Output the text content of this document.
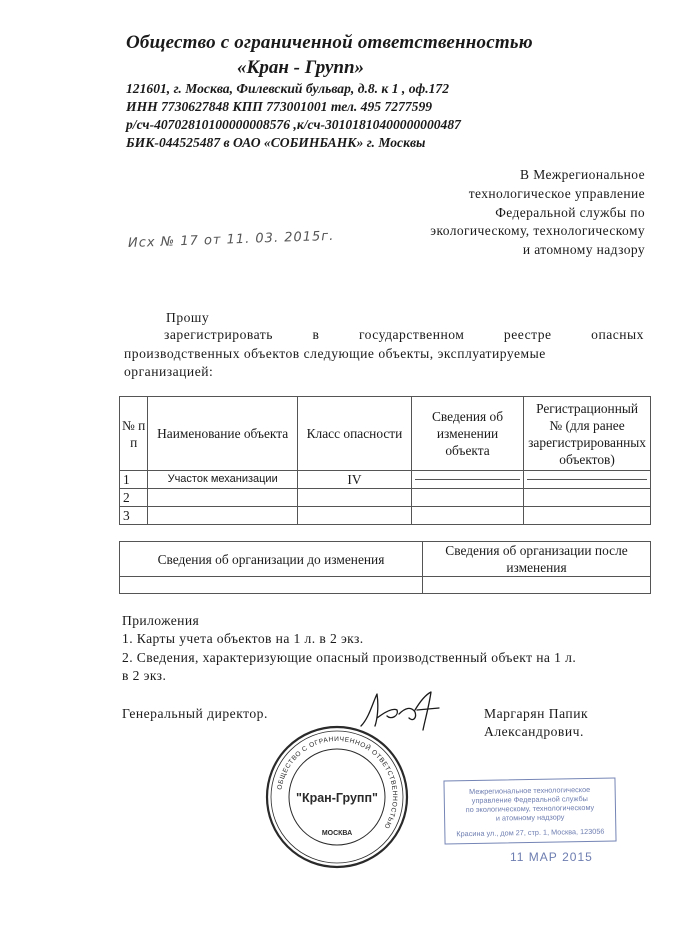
Общество с ограниченной ответственностью
«Кран - Групп»
121601, г. Москва, Филевский бульвар, д.8. к 1 , оф.172
ИНН 7730627848 КПП 773001001 тел. 495 7277599
р/сч-40702810100000008576 ,к/сч-30101810400000000487
БИК-044525487 в ОАО «СОБИНБАНК» г. Москвы
В Межрегиональное
технологическое управление
Федеральной службы по
экологическому, технологическому
и атомному надзору
Исх № 17 от 11. 03. 2015г.
Прошу
зарегистрировать	в	государственном	реестре	опасных
производственных объектов следующие объекты, эксплуатируемые
организацией:
№ п п	Наименование объекта	Класс опасности	Сведения об изменении объекта	Регистрационный № (для ранее зарегистрированных объектов)
1	Участок механизации	IV	

2				
3				
Сведения об организации до изменения	Сведения об организации после изменения

Приложения
1. Карты учета объектов на 1 л. в 2 экз.
2. Сведения, характеризующие опасный производственный объект на 1 л.
в 2 экз.
Генеральный директор.	Маргарян Папик
Александрович.
ОБЩЕСТВО С ОГРАНИЧЕННОЙ ОТВЕТСТВЕННОСТЬЮ
"Кран-Групп"
МОСКВА
Межрегиональное технологическое
управление Федеральной службы
по экологическому, технологическому
и атомному надзору
Красина ул., дом 27, стр. 1, Москва, 123056
11 МАР 2015
